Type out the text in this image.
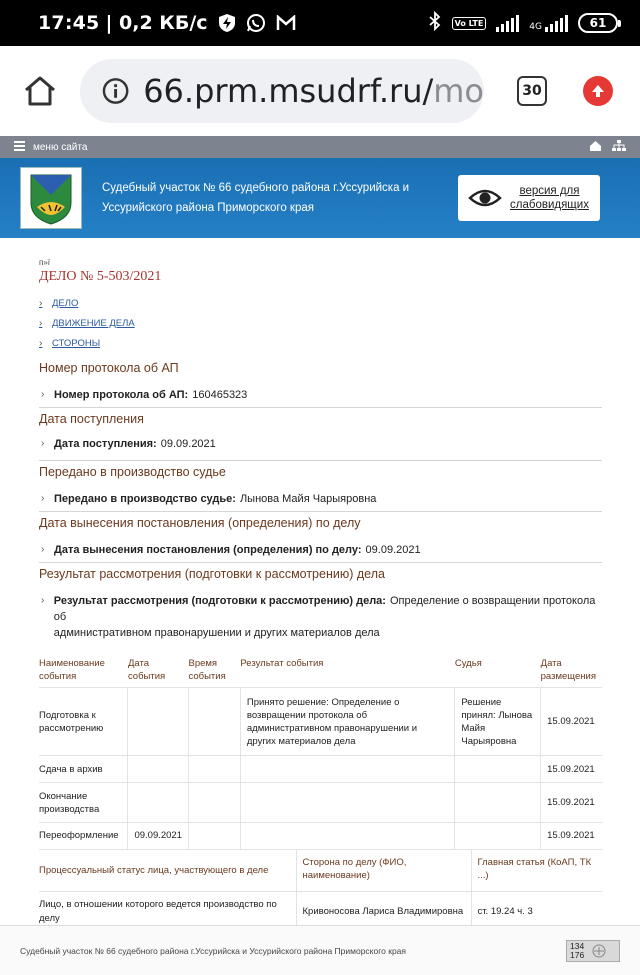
17:45 | 0,2 КБ/с	Vo LTE	4G	61
66.prm.msudrf.ru/mo	30
меню сайта
Судебный участок № 66 судебного района г.Уссурийска и
Уссурийского района Приморского края
версия для
слабовидящих
п»ї
ДЕЛО № 5-503/2021
›	ДЕЛО
›	ДВИЖЕНИЕ ДЕЛА
›	СТОРОНЫ
Номер протокола об АП
› Номер протокола об АП: 160465323
Дата поступления
› Дата поступления: 09.09.2021
Передано в производство судье
› Передано в производство судье: Лынова Майя Чарыяровна
Дата вынесения постановления (определения) по делу
› Дата вынесения постановления (определения) по делу: 09.09.2021
Результат рассмотрения (подготовки к рассмотрению) дела
› Результат рассмотрения (подготовки к рассмотрению) дела: Определение о возвращении протокола об
административном правонарушении и других материалов дела
Наименование события	Дата события	Время события	Результат события	Судья	Дата размещения
Подготовка к рассмотрению			Принято решение: Определение о возвращении протокола об административном правонарушении и других материалов дела	Решение принял: Лынова Майя Чарыяровна	15.09.2021
Сдача в архив					15.09.2021
Окончание производства					15.09.2021
Переоформление	09.09.2021				15.09.2021
Процессуальный статус лица, участвующего в деле	Сторона по делу (ФИО, наименование)	Главная статья (КоАП, ТК ...)
Лицо, в отношении которого ведется производство по делу	Кривоносова Лариса Владимировна	ст. 19.24 ч. 3
Судебный участок № 66 судебного района г.Уссурийска и Уссурийского района Приморского края	134
176
